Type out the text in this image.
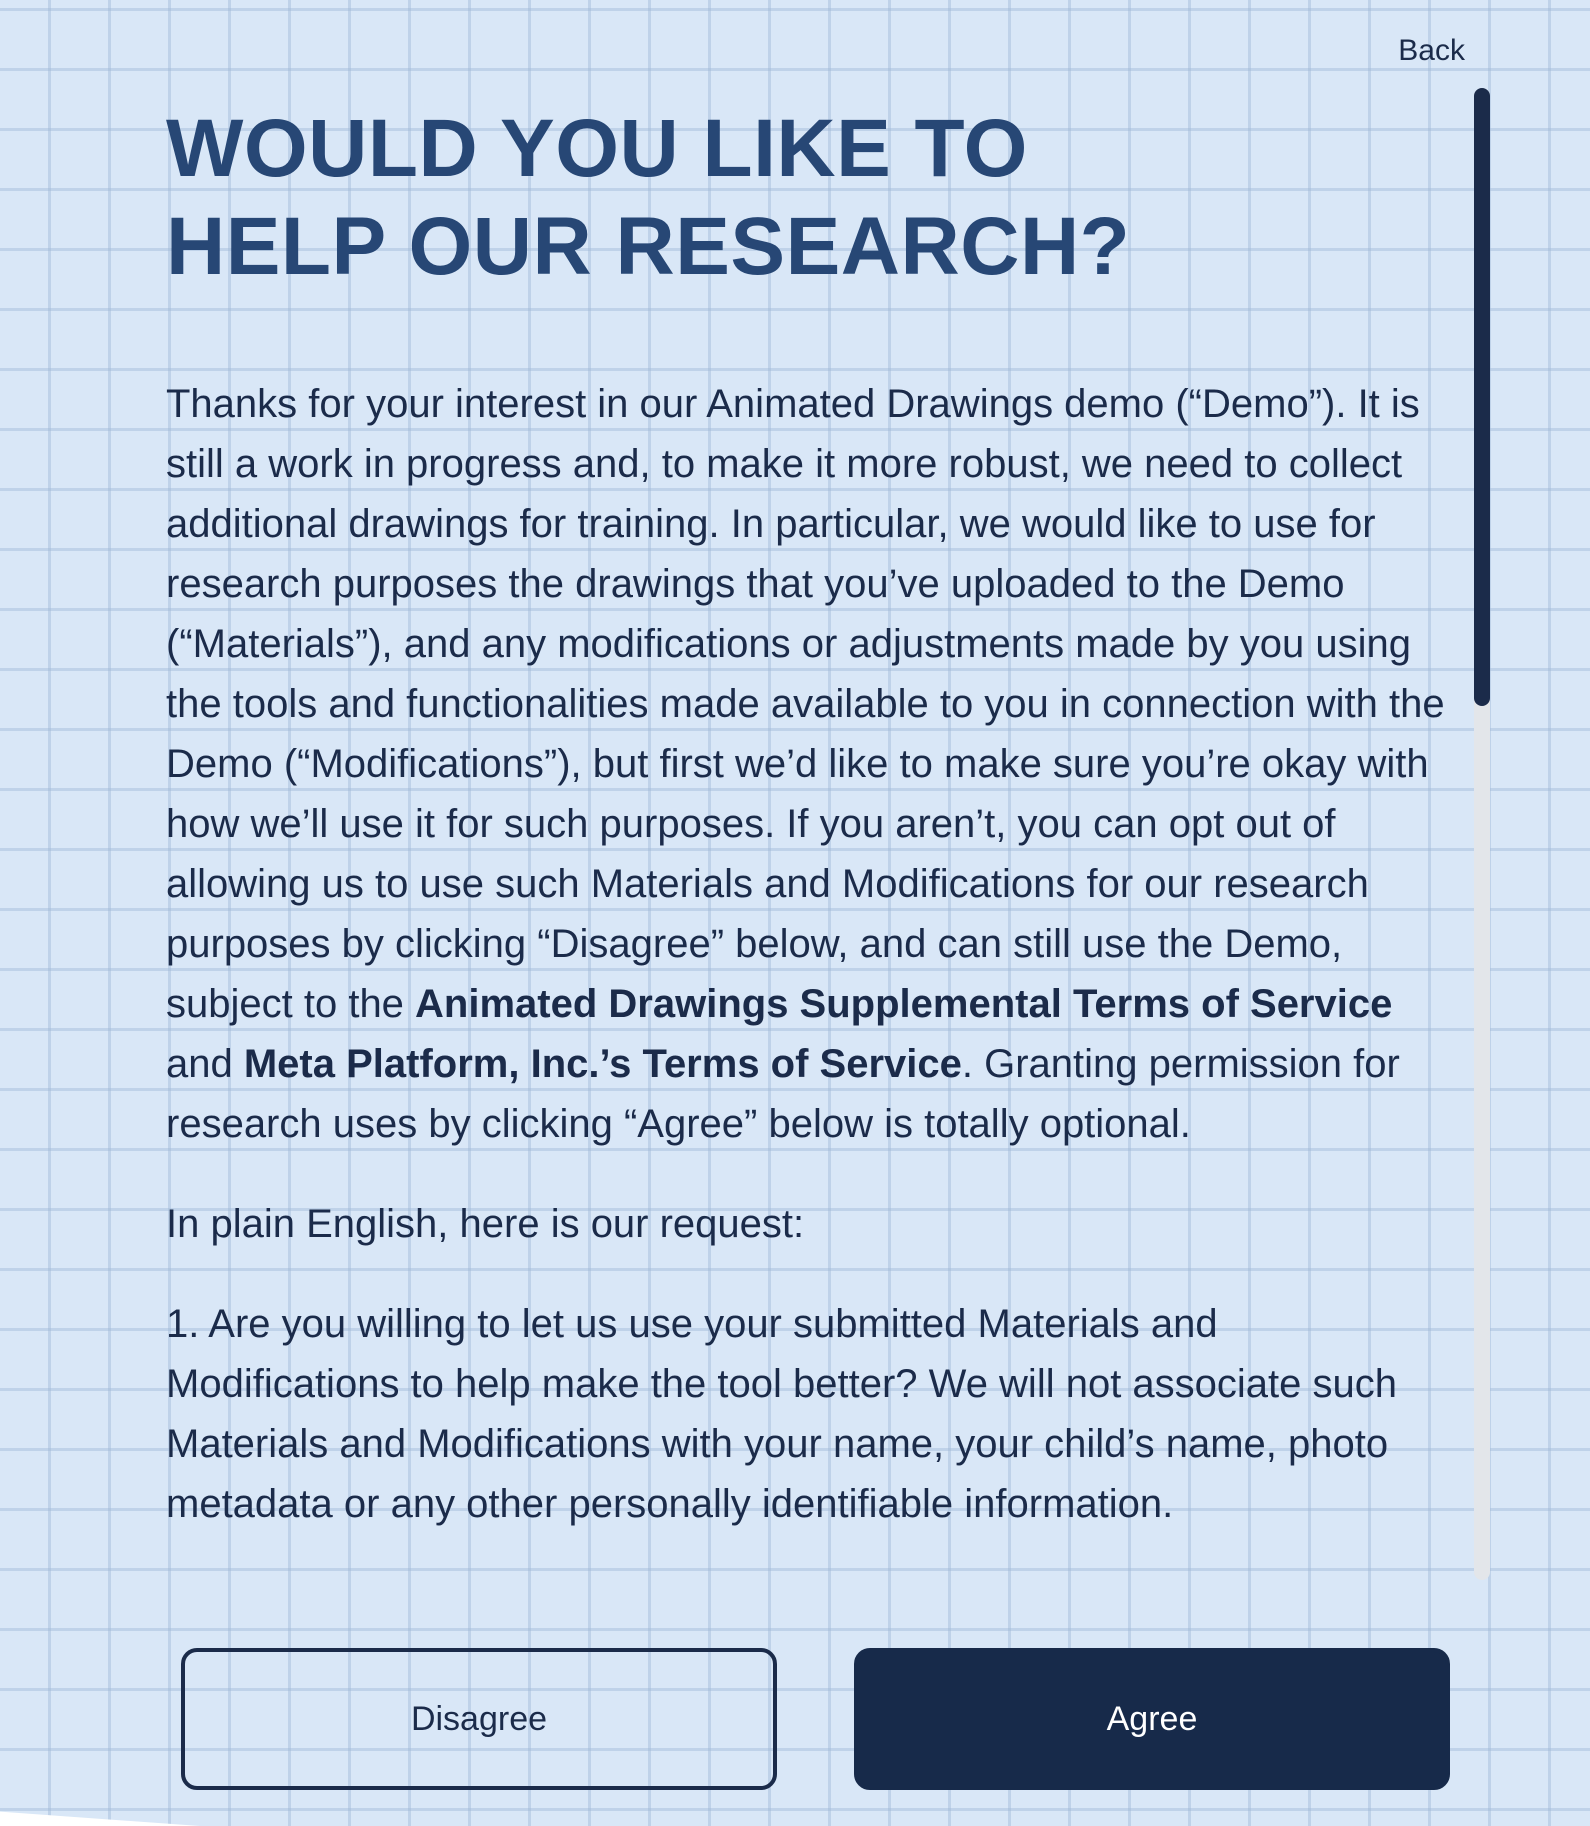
Back
WOULD YOU LIKE TO
HELP OUR RESEARCH?

Thanks for your interest in our Animated Drawings demo (“Demo”). It is still a work in progress and, to make it more robust, we need to collect additional drawings for training. In particular, we would like to use for research purposes the drawings that you’ve uploaded to the Demo (“Materials”), and any modifications or adjustments made by you using the tools and functionalities made available to you in connection with the Demo (“Modifications”), but first we’d like to make sure you’re okay with how we’ll use it for such purposes. If you aren’t, you can opt out of allowing us to use such Materials and Modifications for our research purposes by clicking “Disagree” below, and can still use the Demo, subject to the Animated Drawings Supplemental Terms of Service and Meta Platform, Inc.’s Terms of Service. Granting permission for research uses by clicking “Agree” below is totally optional.

In plain English, here is our request:

1. Are you willing to let us use your submitted Materials and Modifications to help make the tool better? We will not associate such Materials and Modifications with your name, your child’s name, photo metadata or any other personally identifiable information.

Disagree	Agree
